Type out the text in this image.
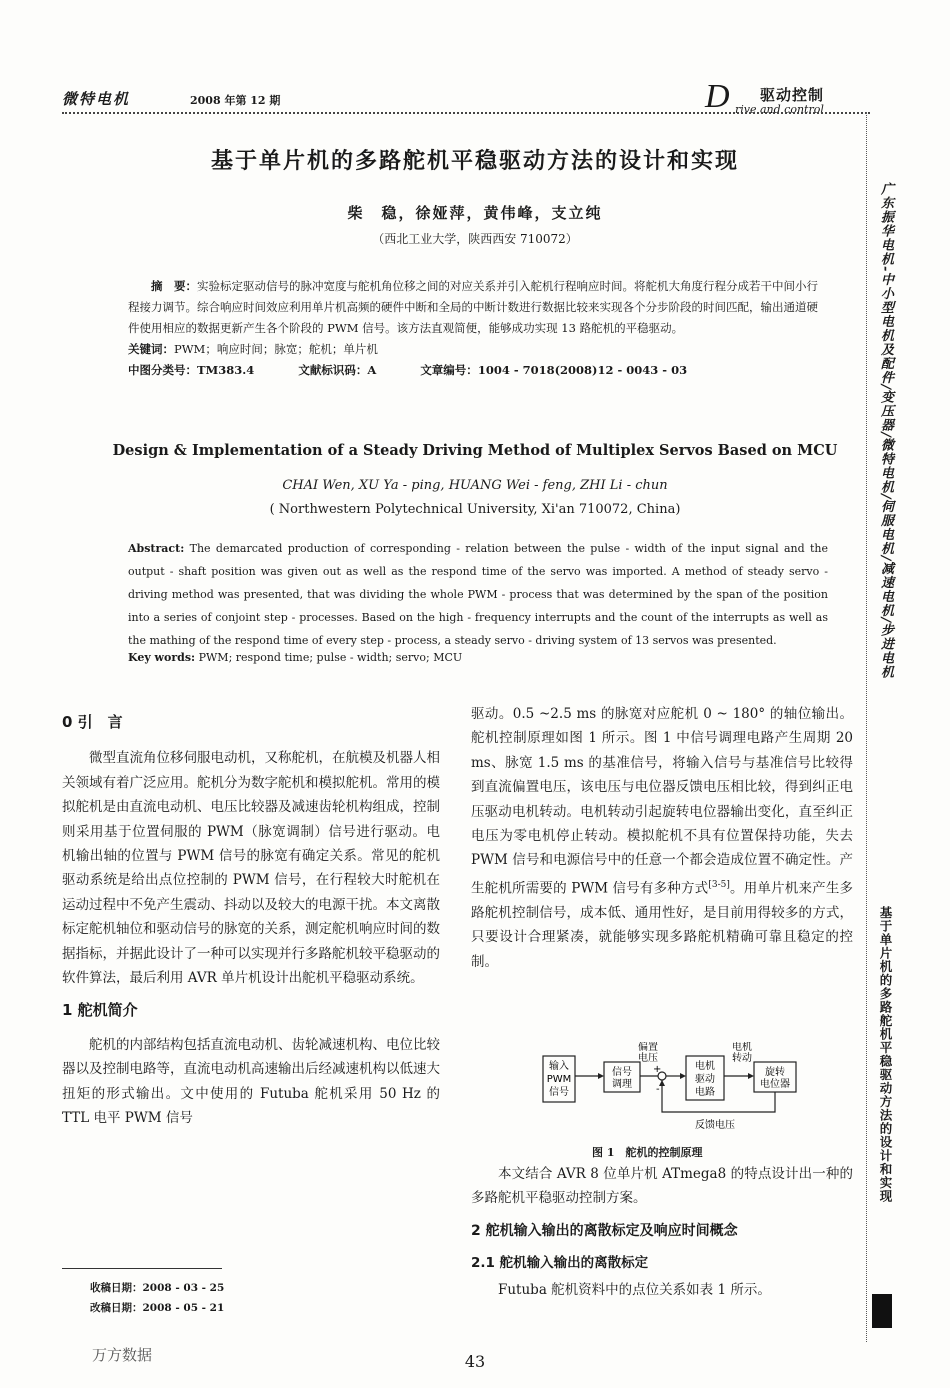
微特电机	2008 年第 12 期	D 驱动控制
rive and control
基于单片机的多路舵机平稳驱动方法的设计和实现
柴　稳，徐娅萍，黄伟峰，支立纯
（西北工业大学，陕西西安 710072）
摘　要：实验标定驱动信号的脉冲宽度与舵机角位移之间的对应关系并引入舵机行程响应时间。将舵机大角度行程分成若干中间小行程接力调节。综合响应时间效应利用单片机高频的硬件中断和全局的中断计数进行数据比较来实现各个分步阶段的时间匹配，输出通道硬件使用相应的数据更新产生各个阶段的 PWM 信号。该方法直观简便，能够成功实现 13 路舵机的平稳驱动。
关键词：PWM；响应时间；脉宽；舵机；单片机
中图分类号：TM383.4	文献标识码：A	文章编号：1004 - 7018(2008)12 - 0043 - 03
Design & Implementation of a Steady Driving Method of Multiplex Servos Based on MCU
CHAI Wen, XU Ya - ping, HUANG Wei - feng, ZHI Li - chun
( Northwestern Polytechnical University, Xi'an 710072, China)
Abstract: The demarcated production of corresponding - relation between the pulse - width of the input signal and the output - shaft position was given out as well as the respond time of the servo was imported. A method of steady servo - driving method was presented, that was dividing the whole PWM - process that was determined by the span of the position into a series of conjoint step - processes. Based on the high - frequency interrupts and the count of the interrupts as well as the mathing of the respond time of every step - process, a steady servo - driving system of 13 servos was presented.
Key words: PWM; respond time; pulse - width; servo; MCU
0 引　言

微型直流角位移伺服电动机，又称舵机，在航模及机器人相关领域有着广泛应用。舵机分为数字舵机和模拟舵机。常用的模拟舵机是由直流电动机、电压比较器及减速齿轮机构组成，控制则采用基于位置伺服的 PWM（脉宽调制）信号进行驱动。电机输出轴的位置与 PWM 信号的脉宽有确定关系。常见的舵机驱动系统是给出点位控制的 PWM 信号，在行程较大时舵机在运动过程中不免产生震动、抖动以及较大的电源干扰。本文离散标定舵机轴位和驱动信号的脉宽的关系，测定舵机响应时间的数据指标，并据此设计了一种可以实现并行多路舵机较平稳驱动的软件算法，最后利用 AVR 单片机设计出舵机平稳驱动系统。

1 舵机简介

舵机的内部结构包括直流电动机、齿轮减速机构、电位比较器以及控制电路等，直流电动机高速输出后经减速机构以低速大扭矩的形式输出。文中使用的 Futuba 舵机采用 50 Hz 的 TTL 电平 PWM 信号

收稿日期：2008 - 03 - 25
改稿日期：2008 - 05 - 21

驱动。0.5 ~2.5 ms 的脉宽对应舵机 0 ~ 180° 的轴位输出。舵机控制原理如图 1 所示。图 1 中信号调理电路产生周期 20 ms、脉宽 1.5 ms 的基准信号，将输入信号与基准信号比较得到直流偏置电压，该电压与电位器反馈电压相比较，得到纠正电压驱动电机转动。电机转动引起旋转电位器输出变化，直至纠正电压为零电机停止转动。模拟舵机不具有位置保持功能，失去 PWM 信号和电源信号中的任意一个都会造成位置不确定性。产生舵机所需要的 PWM 信号有多种方式[3-5]。用单片机来产生多路舵机控制信号，成本低、通用性好，是目前用得较多的方式，只要设计合理紧凑，就能够实现多路舵机精确可靠且稳定的控制。

输入
PWM
信号
信号
调理
偏置
电压
+
-
电机
驱动
电路
电机
转动
旋转
电位器
反馈电压
图 1　舵机的控制原理

本文结合 AVR 8 位单片机 ATmega8 的特点设计出一种的多路舵机平稳驱动控制方案。

2 舵机输入输出的离散标定及响应时间概念
2.1 舵机输入输出的离散标定

Futuba 舵机资料中的点位关系如表 1 所示。

广东振华电机-中小型电机及配件/变压器/微特电机/伺服电机/减速电机/步进电机
基于单片机的多路舵机平稳驱动方法的设计和实现
万方数据	43
